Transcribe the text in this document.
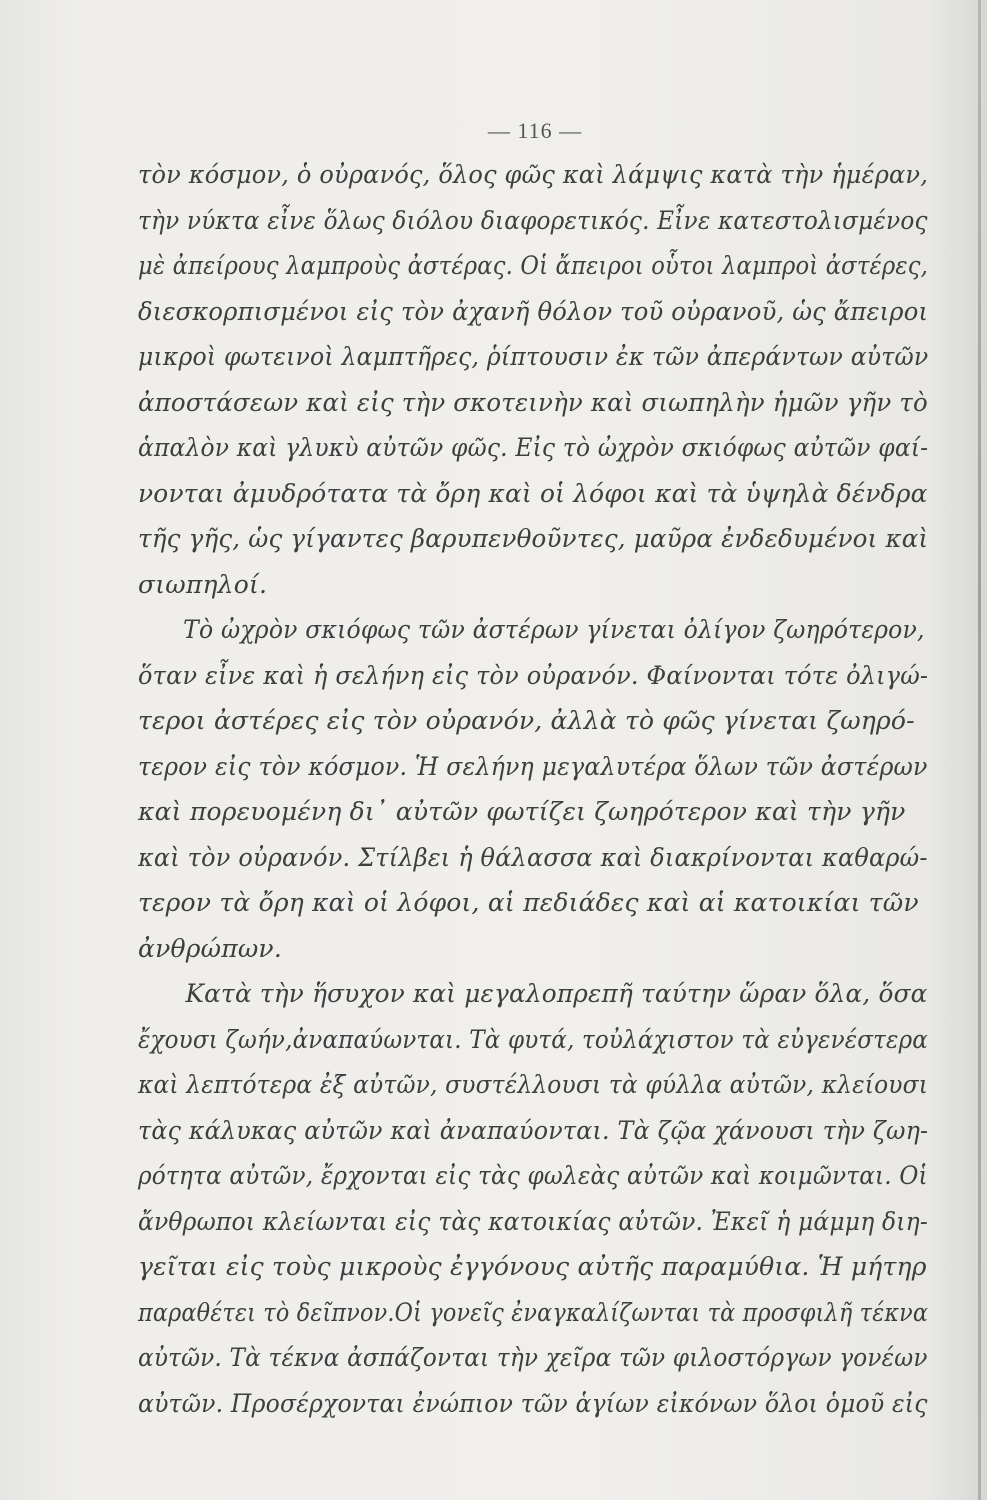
— 116 —
τὸν κόσμον, ὁ οὐρανός, ὅλος φῶς καὶ λάμψις κατὰ τὴν ἡμέραν,
τὴν νύκτα εἶνε ὅλως διόλου διαφορετικός. Εἶνε κατεστολισμένος
μὲ ἀπείρους λαμπροὺς ἀστέρας. Οἱ ἄπειροι οὗτοι λαμπροὶ ἀστέρες,
διεσκορπισμένοι εἰς τὸν ἀχανῆ θόλον τοῦ οὐρανοῦ, ὡς ἄπειροι
μικροὶ φωτεινοὶ λαμπτῆρες, ῥίπτουσιν ἐκ τῶν ἀπεράντων αὐτῶν
ἀποστάσεων καὶ εἰς τὴν σκοτεινὴν καὶ σιωπηλὴν ἡμῶν γῆν τὸ
ἁπαλὸν καὶ γλυκὺ αὐτῶν φῶς. Εἰς τὸ ὠχρὸν σκιόφως αὐτῶν φαί-
νονται ἀμυδρότατα τὰ ὄρη καὶ οἱ λόφοι καὶ τὰ ὑψηλὰ δένδρα
τῆς γῆς, ὡς γίγαντες βαρυπενθοῦντες, μαῦρα ἐνδεδυμένοι καὶ
σιωπηλοί.
Τὸ ὠχρὸν σκιόφως τῶν ἀστέρων γίνεται ὀλίγον ζωηρότερον,
ὅταν εἶνε καὶ ἡ σελήνη εἰς τὸν οὐρανόν. Φαίνονται τότε ὀλιγώ-
τεροι ἀστέρες εἰς τὸν οὐρανόν, ἀλλὰ τὸ φῶς γίνεται ζωηρό-
τερον εἰς τὸν κόσμον. Ἡ σελήνη μεγαλυτέρα ὅλων τῶν ἀστέρων
καὶ πορευομένη δι᾽ αὐτῶν φωτίζει ζωηρότερον καὶ τὴν γῆν
καὶ τὸν οὐρανόν. Στίλβει ἡ θάλασσα καὶ διακρίνονται καθαρώ-
τερον τὰ ὄρη καὶ οἱ λόφοι, αἱ πεδιάδες καὶ αἱ κατοικίαι τῶν
ἀνθρώπων.
Κατὰ τὴν ἥσυχον καὶ μεγαλοπρεπῆ ταύτην ὥραν ὅλα, ὅσα
ἔχουσι ζωήν,ἀναπαύωνται. Τὰ φυτά, τοὐλάχιστον τὰ εὐγενέστερα
καὶ λεπτότερα ἐξ αὐτῶν, συστέλλουσι τὰ φύλλα αὐτῶν, κλείουσι
τὰς κάλυκας αὐτῶν καὶ ἀναπαύονται. Τὰ ζῷα χάνουσι τὴν ζωη-
ρότητα αὐτῶν, ἔρχονται εἰς τὰς φωλεὰς αὐτῶν καὶ κοιμῶνται. Οἱ
ἄνθρωποι κλείωνται εἰς τὰς κατοικίας αὐτῶν. Ἐκεῖ ἡ μάμμη διη-
γεῖται εἰς τοὺς μικροὺς ἐγγόνους αὐτῆς παραμύθια. Ἡ μήτηρ
παραθέτει τὸ δεῖπνον.Οἱ γονεῖς ἐναγκαλίζωνται τὰ προσφιλῆ τέκνα
αὐτῶν. Τὰ τέκνα ἀσπάζονται τὴν χεῖρα τῶν φιλοστόργων γονέων
αὐτῶν. Προσέρχονται ἐνώπιον τῶν ἁγίων εἰκόνων ὅλοι ὁμοῦ εἰς
